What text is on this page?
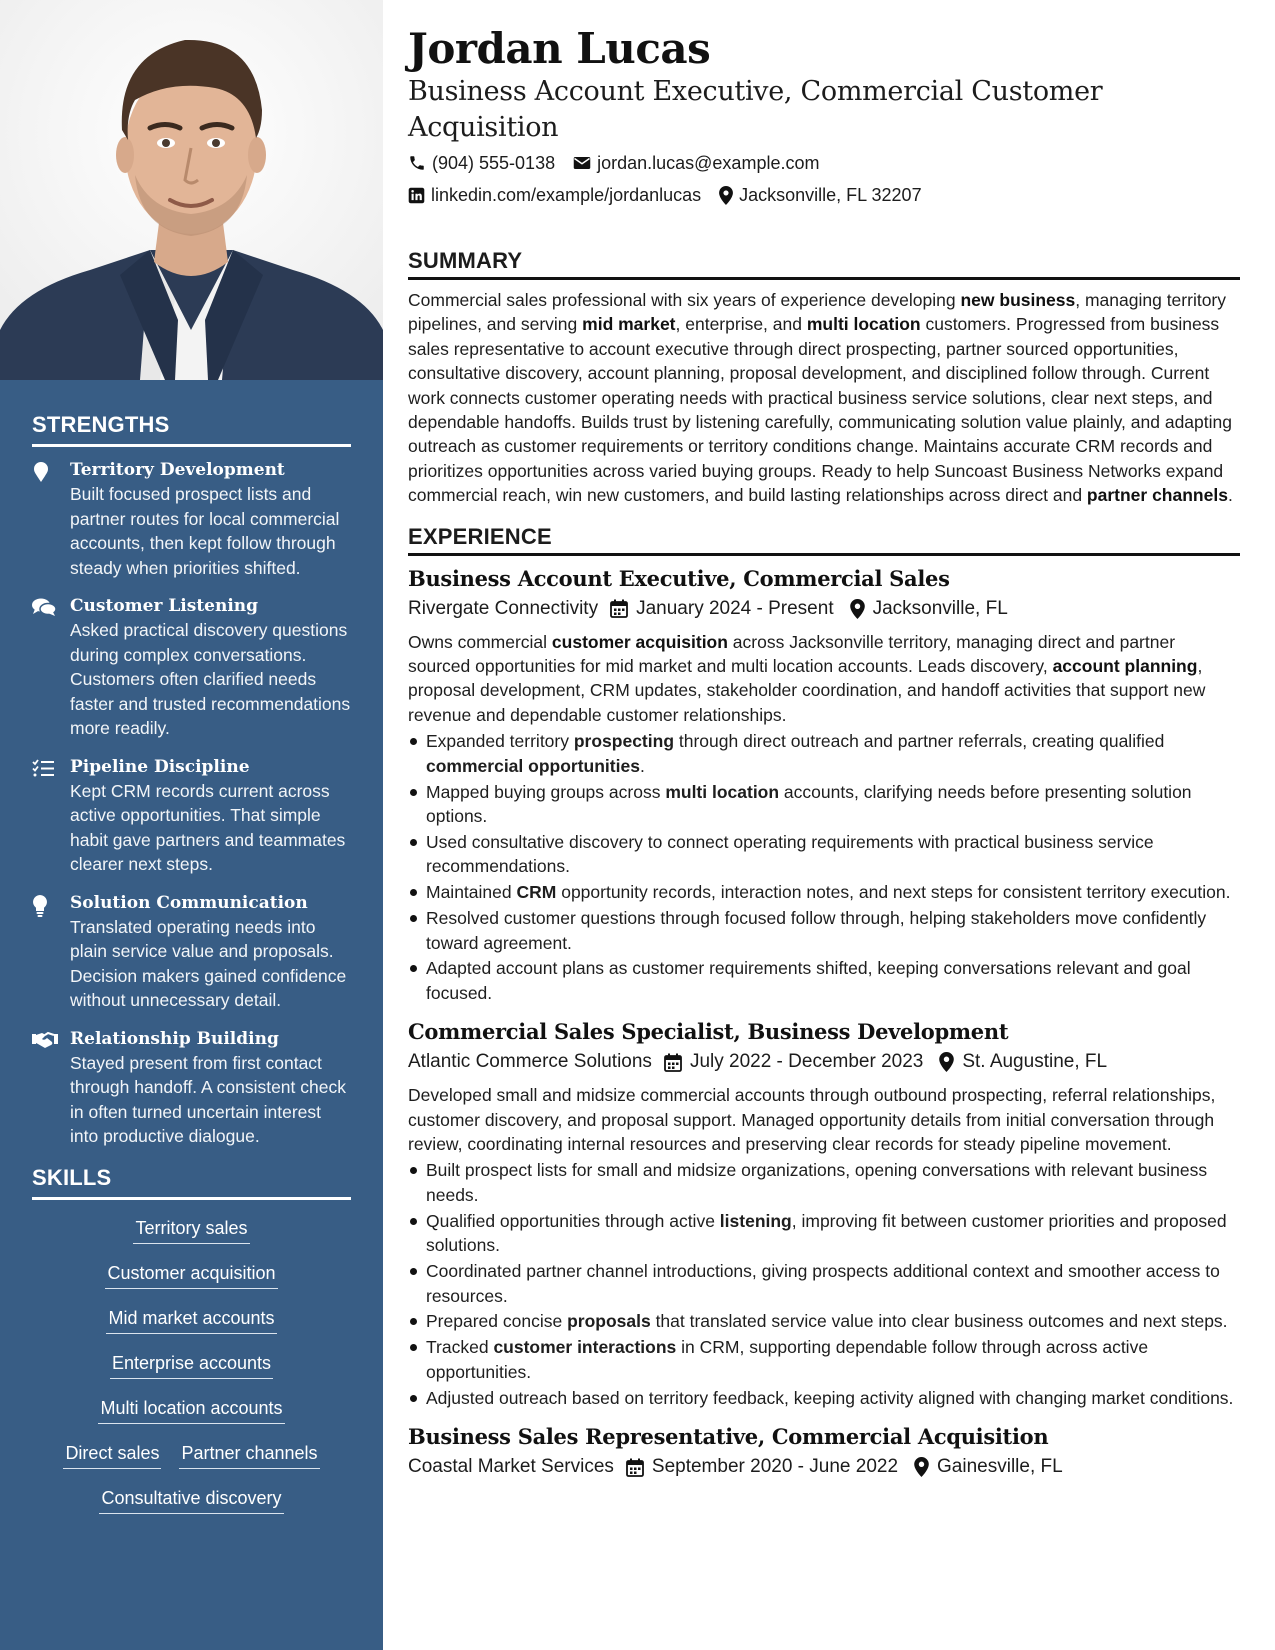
STRENGTHS
Territory Development
Built focused prospect lists and partner routes for local commercial accounts, then kept follow through steady when priorities shifted.
Customer Listening
Asked practical discovery questions during complex conversations. Customers often clarified needs faster and trusted recommendations more readily.
Pipeline Discipline
Kept CRM records current across active opportunities. That simple habit gave partners and teammates clearer next steps.
Solution Communication
Translated operating needs into plain service value and proposals. Decision makers gained confidence without unnecessary detail.
Relationship Building
Stayed present from first contact through handoff. A consistent check in often turned uncertain interest into productive dialogue.
SKILLS
Territory sales
Customer acquisition
Mid market accounts
Enterprise accounts
Multi location accounts
Direct sales Partner channels
Consultative discovery
Jordan Lucas
Business Account Executive, Commercial Customer Acquisition
(904) 555-0138 jordan.lucas@example.com
linkedin.com/example/jordanlucas Jacksonville, FL 32207
SUMMARY

Commercial sales professional with six years of experience developing new business, managing territory pipelines, and serving mid market, enterprise, and multi location customers. Progressed from business sales representative to account executive through direct prospecting, partner sourced opportunities, consultative discovery, account planning, proposal development, and disciplined follow through. Current work connects customer operating needs with practical business service solutions, clear next steps, and dependable handoffs. Builds trust by listening carefully, communicating solution value plainly, and adapting outreach as customer requirements or territory conditions change. Maintains accurate CRM records and prioritizes opportunities across varied buying groups. Ready to help Suncoast Business Networks expand commercial reach, win new customers, and build lasting relationships across direct and partner channels.

EXPERIENCE
Business Account Executive, Commercial Sales
Rivergate Connectivity January 2024 - Present Jacksonville, FL

Owns commercial customer acquisition across Jacksonville territory, managing direct and partner sourced opportunities for mid market and multi location accounts. Leads discovery, account planning, proposal development, CRM updates, stakeholder coordination, and handoff activities that support new revenue and dependable customer relationships.

Expanded territory prospecting through direct outreach and partner referrals, creating qualified commercial opportunities.
Mapped buying groups across multi location accounts, clarifying needs before presenting solution options.
Used consultative discovery to connect operating requirements with practical business service recommendations.
Maintained CRM opportunity records, interaction notes, and next steps for consistent territory execution.
Resolved customer questions through focused follow through, helping stakeholders move confidently toward agreement.
Adapted account plans as customer requirements shifted, keeping conversations relevant and goal focused.
Commercial Sales Specialist, Business Development
Atlantic Commerce Solutions July 2022 - December 2023 St. Augustine, FL

Developed small and midsize commercial accounts through outbound prospecting, referral relationships, customer discovery, and proposal support. Managed opportunity details from initial conversation through review, coordinating internal resources and preserving clear records for steady pipeline movement.

Built prospect lists for small and midsize organizations, opening conversations with relevant business needs.
Qualified opportunities through active listening, improving fit between customer priorities and proposed solutions.
Coordinated partner channel introductions, giving prospects additional context and smoother access to resources.
Prepared concise proposals that translated service value into clear business outcomes and next steps.
Tracked customer interactions in CRM, supporting dependable follow through across active opportunities.
Adjusted outreach based on territory feedback, keeping activity aligned with changing market conditions.
Business Sales Representative, Commercial Acquisition
Coastal Market Services September 2020 - June 2022 Gainesville, FL
